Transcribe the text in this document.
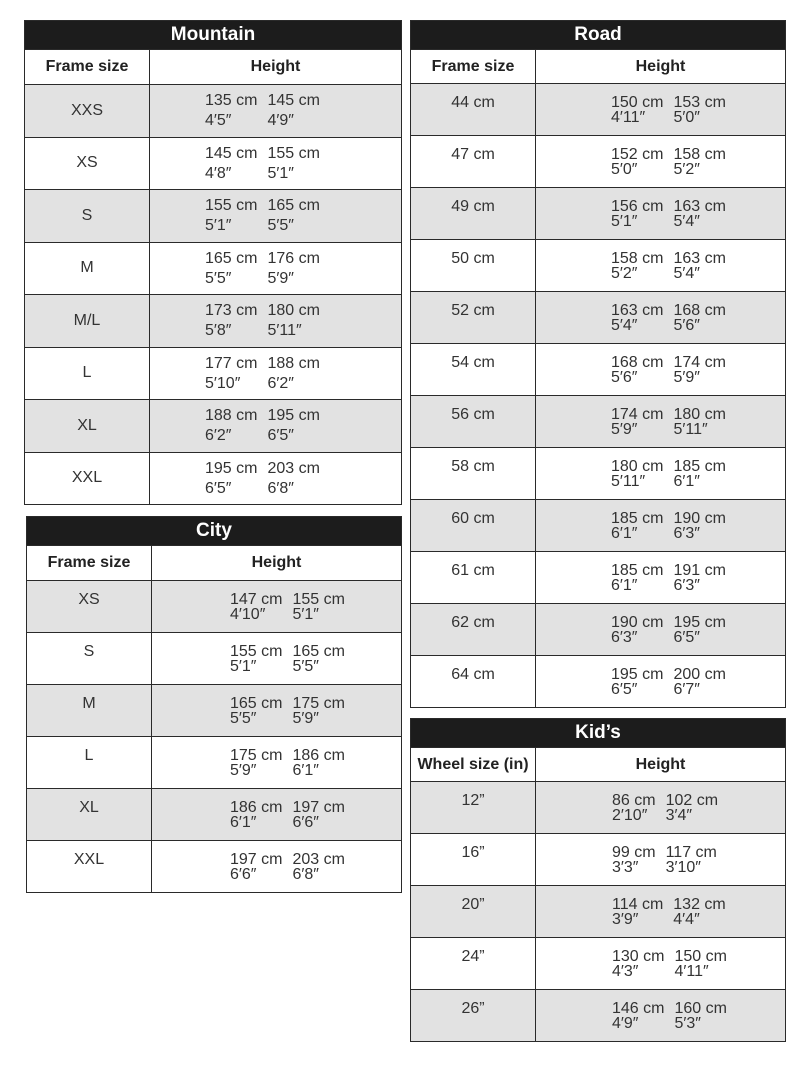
Mountain	
Frame size	Height
XXS	135 cm 145 cm
4′5″ 4′9″

XS	145 cm 155 cm
4′8″ 5′1″

S	155 cm 165 cm
5′1″ 5′5″

M	165 cm 176 cm
5′5″ 5′9″

M/L	173 cm 180 cm
5′8″ 5′11″

L	177 cm 188 cm
5′10″ 6′2″

XL	188 cm 195 cm
6′2″ 6′5″

XXL	195 cm 203 cm
6′5″ 6′8″
City	
Frame size	Height
XS	147 cm 155 cm
4′10″ 5′1″

S	155 cm 165 cm
5′1″ 5′5″

M	165 cm 175 cm
5′5″ 5′9″

L	175 cm 186 cm
5′9″ 6′1″

XL	186 cm 197 cm
6′1″ 6′6″

XXL	197 cm 203 cm
6′6″ 6′8″
Road	
Frame size	Height
44 cm	150 cm 153 cm
4′11″ 5′0″

47 cm	152 cm 158 cm
5′0″ 5′2″

49 cm	156 cm 163 cm
5′1″ 5′4″

50 cm	158 cm 163 cm
5′2″ 5′4″

52 cm	163 cm 168 cm
5′4″ 5′6″

54 cm	168 cm 174 cm
5′6″ 5′9″

56 cm	174 cm 180 cm
5′9″ 5′11″

58 cm	180 cm 185 cm
5′11″ 6′1″

60 cm	185 cm 190 cm
6′1″ 6′3″

61 cm	185 cm 191 cm
6′1″ 6′3″

62 cm	190 cm 195 cm
6′3″ 6′5″

64 cm	195 cm 200 cm
6′5″ 6′7″
Kid’s	
Wheel size (in)	Height
12”	86 cm 102 cm
2′10″ 3′4″

16”	99 cm 117 cm
3′3″ 3′10″

20”	114 cm 132 cm
3′9″ 4′4″

24”	130 cm 150 cm
4′3″ 4′11″

26”	146 cm 160 cm
4′9″ 5′3″
